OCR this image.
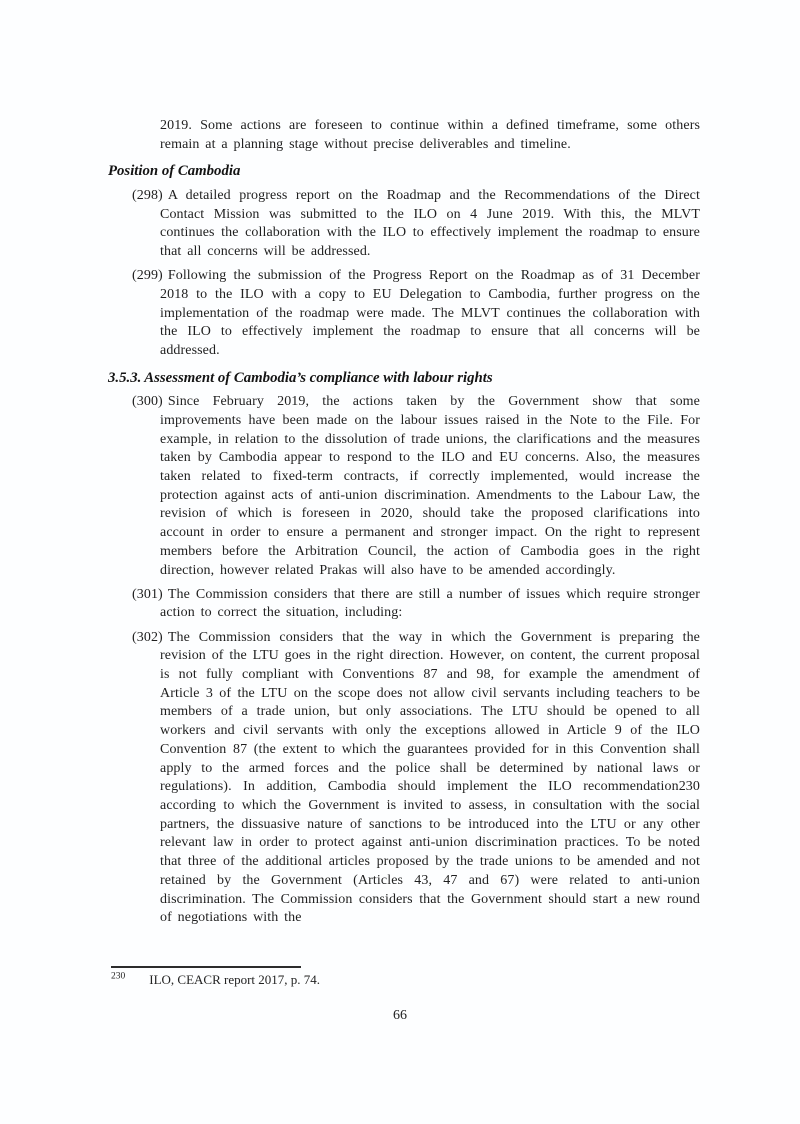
2019. Some actions are foreseen to continue within a defined timeframe, some others remain at a planning stage without precise deliverables and timeline.

Position of Cambodia

(298) A detailed progress report on the Roadmap and the Recommendations of the Direct Contact Mission was submitted to the ILO on 4 June 2019. With this, the MLVT continues the collaboration with the ILO to effectively implement the roadmap to ensure that all concerns will be addressed.

(299) Following the submission of the Progress Report on the Roadmap as of 31 December 2018 to the ILO with a copy to EU Delegation to Cambodia, further progress on the implementation of the roadmap were made. The MLVT continues the collaboration with the ILO to effectively implement the roadmap to ensure that all concerns will be addressed.

3.5.3. Assessment of Cambodia’s compliance with labour rights

(300) Since February 2019, the actions taken by the Government show that some improvements have been made on the labour issues raised in the Note to the File. For example, in relation to the dissolution of trade unions, the clarifications and the measures taken by Cambodia appear to respond to the ILO and EU concerns. Also, the measures taken related to fixed-term contracts, if correctly implemented, would increase the protection against acts of anti-union discrimination. Amendments to the Labour Law, the revision of which is foreseen in 2020, should take the proposed clarifications into account in order to ensure a permanent and stronger impact. On the right to represent members before the Arbitration Council, the action of Cambodia goes in the right direction, however related Prakas will also have to be amended accordingly.

(301) The Commission considers that there are still a number of issues which require stronger action to correct the situation, including:

(302) The Commission considers that the way in which the Government is preparing the revision of the LTU goes in the right direction. However, on content, the current proposal is not fully compliant with Conventions 87 and 98, for example the amendment of Article 3 of the LTU on the scope does not allow civil servants including teachers to be members of a trade union, but only associations. The LTU should be opened to all workers and civil servants with only the exceptions allowed in Article 9 of the ILO Convention 87 (the extent to which the guarantees provided for in this Convention shall apply to the armed forces and the police shall be determined by national laws or regulations). In addition, Cambodia should implement the ILO recommendation230 according to which the Government is invited to assess, in consultation with the social partners, the dissuasive nature of sanctions to be introduced into the LTU or any other relevant law in order to protect against anti-union discrimination practices. To be noted that three of the additional articles proposed by the trade unions to be amended and not retained by the Government (Articles 43, 47 and 67) were related to anti-union discrimination. The Commission considers that the Government should start a new round of negotiations with the

$^{230}$ ILO, CEACR report 2017, p. 74.

66
